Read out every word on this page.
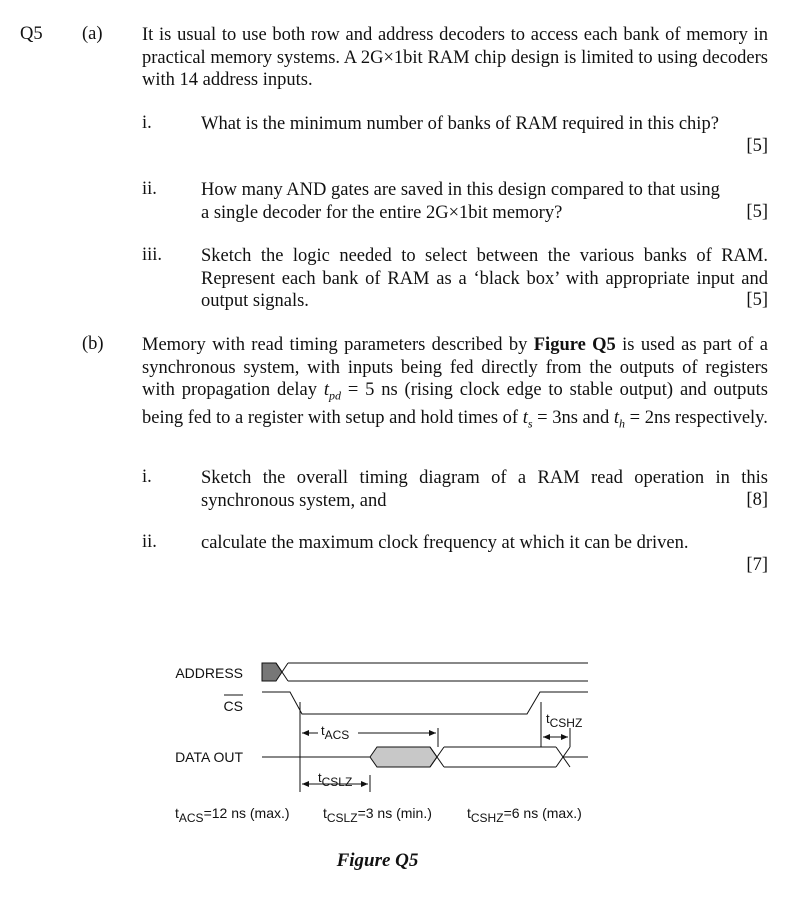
Q5 (a) It is usual to use both row and address decoders to access each bank of memory in practical memory systems. A 2G×1bit RAM chip design is limited to using decoders with 14 address inputs.
i.	What is the minimum number of banks of RAM required in this chip?
[5]
ii. How many AND gates are saved in this design compared to that using a single decoder for the entire 2G×1bit memory?	[5]
iii. Sketch the logic needed to select between the various banks of RAM. Represent each bank of RAM as a ‘black box’ with appropriate input and output signals.	[5]
(b) Memory with read timing parameters described by Figure Q5 is used as part of a synchronous system, with inputs being fed directly from the outputs of registers with propagation delay $t_{pd} = 5$ ns (rising clock edge to stable output) and outputs being fed to a register with setup and hold times of $t_s = 3ns$ and $t_h = 2ns$ respectively.
i.	Sketch the overall timing diagram of a RAM read operation in this synchronous system, and	[8]
ii. calculate the maximum clock frequency at which it can be driven.
[7]
ADDRESS
CS
DATA OUT
tACS
tCSLZ
tCSHZ
tACS=12 ns (max.) tCSLZ=3 ns (min.)	tCSHZ=6 ns (max.)
Figure Q5
